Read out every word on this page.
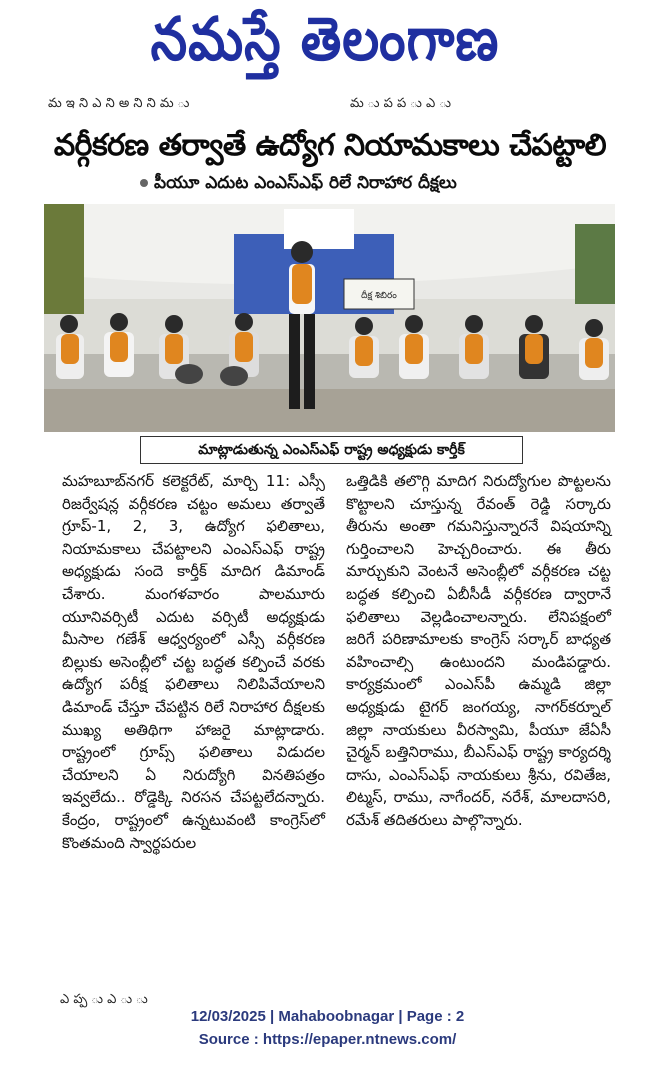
నమస్తే తెలంగాణ
మ ఇ ని ఎ ని అ ని ని మ ు	మ ు ప ప ు ఎ ు
వర్గీకరణ తర్వాతే ఉద్యోగ నియామకాలు చేపట్టాలి
పీయూ ఎదుట ఎంఎస్‌ఎఫ్ రిలే నిరాహార దీక్షలు
దీక్ష శిబిరం
మాట్లాడుతున్న ఎంఎస్‌ఎఫ్ రాష్ట్ర అధ్యక్షుడు కార్తీక్

మహబూబ్‌నగర్ కలెక్టరేట్, మార్చి 11: ఎస్సీ రిజర్వేషన్ల వర్గీకరణ చట్టం అమలు తర్వాతే గ్రూప్-1, 2, 3, ఉద్యోగ ఫలితాలు, నియామకాలు చేపట్టాలని ఎంఎస్‌ఎఫ్ రాష్ట్ర అధ్యక్షుడు సందె కార్తీక్ మాదిగ డిమాండ్ చేశారు. మంగళవారం పాలమూరు యూనివర్సిటీ ఎదుట వర్సిటీ అధ్యక్షుడు మీసాల గణేశ్ ఆధ్వర్యంలో ఎస్సీ వర్గీకరణ బిల్లుకు అసెంబ్లీలో చట్ట బద్ధత కల్పించే వరకు ఉద్యోగ పరీక్ష ఫలితాలు నిలిపివేయాలని డిమాండ్ చేస్తూ చేపట్టిన రిలే నిరాహార దీక్షలకు ముఖ్య అతిథిగా హాజరై మాట్లాడారు. రాష్ట్రంలో గ్రూప్స్ ఫలితాలు విడుదల చేయాలని ఏ నిరుద్యోగి వినతిపత్రం ఇవ్వలేదు.. రోడ్డెక్కి నిరసన చేపట్టలేదన్నారు. కేంద్రం, రాష్ట్రంలో ఉన్నటువంటి కాంగ్రెస్‌లో కొంతమంది స్వార్థపరుల

ఒత్తిడికి తలొగ్గి మాదిగ నిరుద్యోగుల పొట్టలను కొట్టాలని చూస్తున్న రేవంత్ రెడ్డి సర్కారు తీరును అంతా గమనిస్తున్నారనే విషయాన్ని గుర్తించాలని హెచ్చరించారు. ఈ తీరు మార్చుకుని వెంటనే అసెంబ్లీలో వర్గీకరణ చట్ట బద్ధత కల్పించి ఏబీసీడీ వర్గీకరణ ద్వారానే ఫలితాలు వెల్లడించాలన్నారు. లేనిపక్షంలో జరిగే పరిణామాలకు కాంగ్రెస్ సర్కార్ బాధ్యత వహించాల్సి ఉంటుందని మండిపడ్డారు. కార్యక్రమంలో ఎంఎస్‌పీ ఉమ్మడి జిల్లా అధ్యక్షుడు టైగర్ జంగయ్య, నాగర్‌కర్నూల్ జిల్లా నాయకులు వీరస్వామి, పీయూ జేఏసీ చైర్మన్ బత్తినిరాము, బీఎస్ఎఫ్ రాష్ట్ర కార్యదర్శి దాసు, ఎంఎస్‌ఎఫ్ నాయకులు శ్రీను, రవితేజ, లిట్మస్, రాము, నాగేందర్, నరేశ్, మాలదాసరి, రమేశ్ తదితరులు పాల్గొన్నారు.

ఎ ప్ప ు ఎ ు ు
12/03/2025 | Mahaboobnagar | Page : 2
Source : https://epaper.ntnews.com/
